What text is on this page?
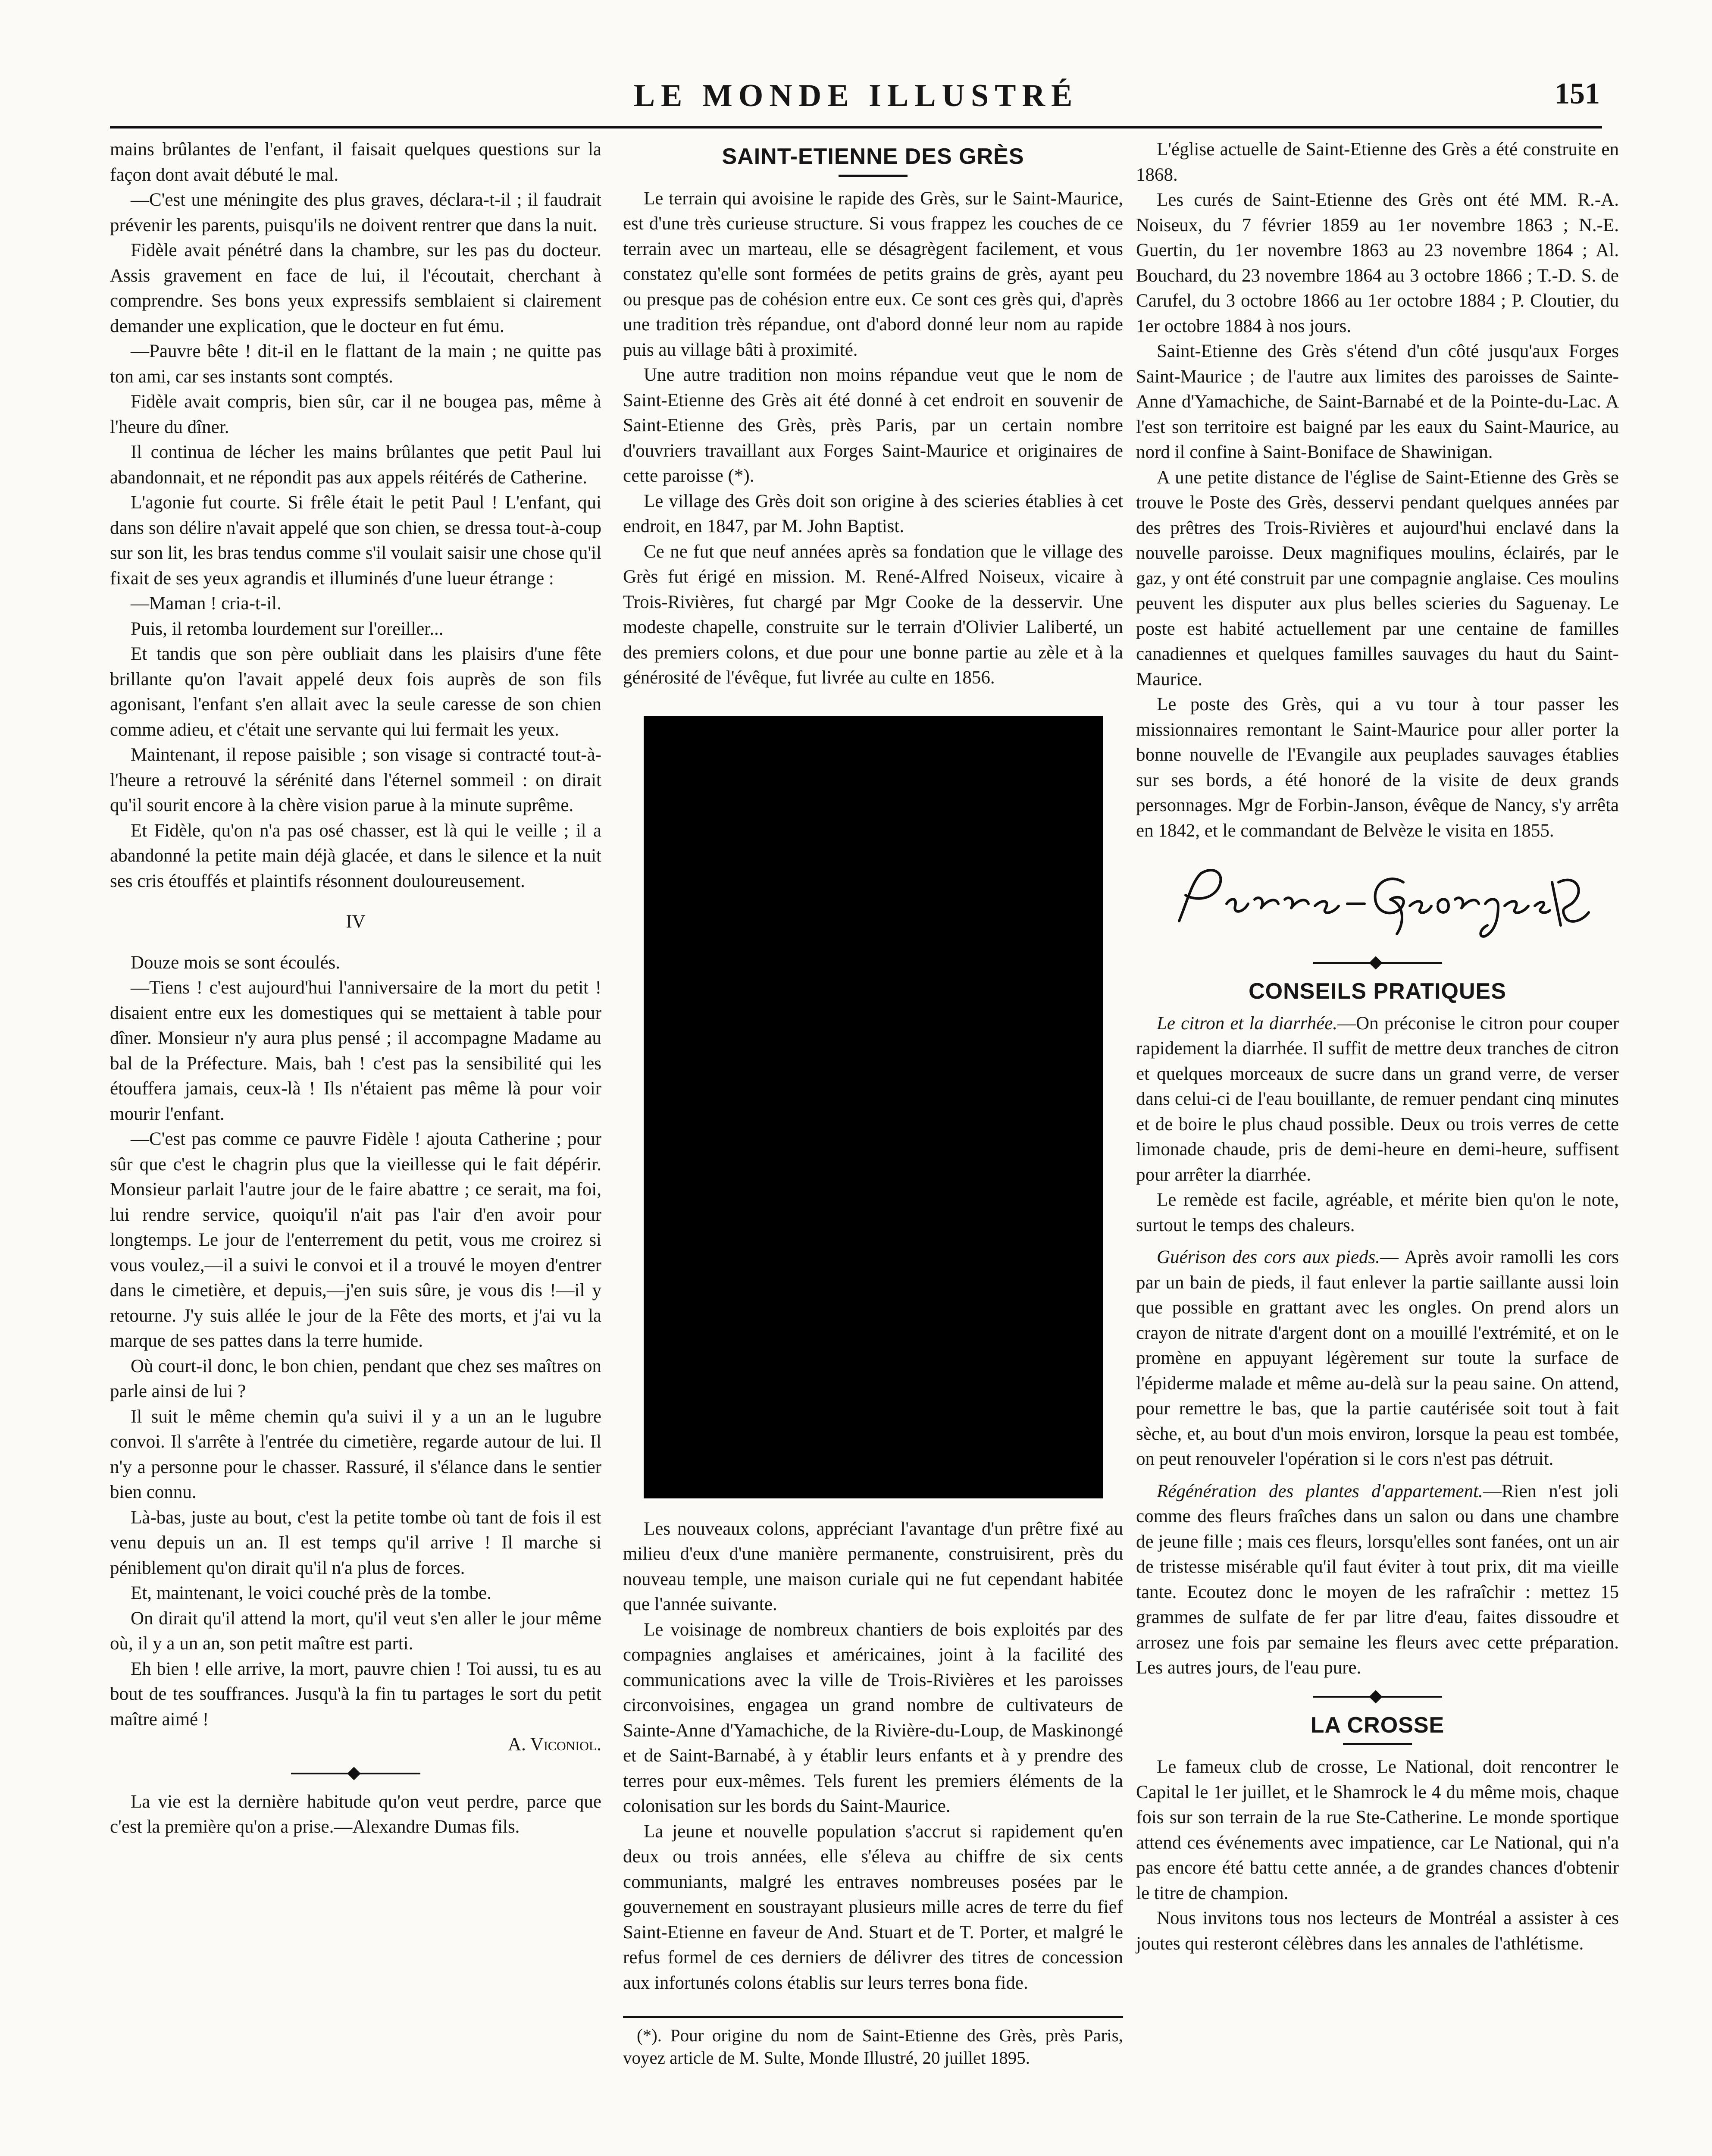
LE MONDE ILLUSTRÉ	151

mains brûlantes de l'enfant, il faisait quelques questions sur la façon dont avait débuté le mal.

—C'est une méningite des plus graves, déclara-t-il ; il faudrait prévenir les parents, puisqu'ils ne doivent rentrer que dans la nuit.

Fidèle avait pénétré dans la chambre, sur les pas du docteur. Assis gravement en face de lui, il l'écoutait, cherchant à comprendre. Ses bons yeux expressifs semblaient si clairement demander une explication, que le docteur en fut ému.

—Pauvre bête ! dit-il en le flattant de la main ; ne quitte pas ton ami, car ses instants sont comptés.

Fidèle avait compris, bien sûr, car il ne bougea pas, même à l'heure du dîner.

Il continua de lécher les mains brûlantes que petit Paul lui abandonnait, et ne répondit pas aux appels réitérés de Catherine.

L'agonie fut courte. Si frêle était le petit Paul ! L'enfant, qui dans son délire n'avait appelé que son chien, se dressa tout-à-coup sur son lit, les bras tendus comme s'il voulait saisir une chose qu'il fixait de ses yeux agrandis et illuminés d'une lueur étrange :

—Maman ! cria-t-il.

Puis, il retomba lourdement sur l'oreiller...

Et tandis que son père oubliait dans les plaisirs d'une fête brillante qu'on l'avait appelé deux fois auprès de son fils agonisant, l'enfant s'en allait avec la seule caresse de son chien comme adieu, et c'était une servante qui lui fermait les yeux.

Maintenant, il repose paisible ; son visage si contracté tout-à-l'heure a retrouvé la sérénité dans l'éternel sommeil : on dirait qu'il sourit encore à la chère vision parue à la minute suprême.

Et Fidèle, qu'on n'a pas osé chasser, est là qui le veille ; il a abandonné la petite main déjà glacée, et dans le silence et la nuit ses cris étouffés et plaintifs résonnent douloureusement.

IV

Douze mois se sont écoulés.

—Tiens ! c'est aujourd'hui l'anniversaire de la mort du petit ! disaient entre eux les domestiques qui se mettaient à table pour dîner. Monsieur n'y aura plus pensé ; il accompagne Madame au bal de la Préfecture. Mais, bah ! c'est pas la sensibilité qui les étouffera jamais, ceux-là ! Ils n'étaient pas même là pour voir mourir l'enfant.

—C'est pas comme ce pauvre Fidèle ! ajouta Catherine ; pour sûr que c'est le chagrin plus que la vieillesse qui le fait dépérir. Monsieur parlait l'autre jour de le faire abattre ; ce serait, ma foi, lui rendre service, quoiqu'il n'ait pas l'air d'en avoir pour longtemps. Le jour de l'enterrement du petit, vous me croirez si vous voulez,—il a suivi le convoi et il a trouvé le moyen d'entrer dans le cimetière, et depuis,—j'en suis sûre, je vous dis !—il y retourne. J'y suis allée le jour de la Fête des morts, et j'ai vu la marque de ses pattes dans la terre humide.

Où court-il donc, le bon chien, pendant que chez ses maîtres on parle ainsi de lui ?

Il suit le même chemin qu'a suivi il y a un an le lugubre convoi. Il s'arrête à l'entrée du cimetière, regarde autour de lui. Il n'y a personne pour le chasser. Rassuré, il s'élance dans le sentier bien connu.

Là-bas, juste au bout, c'est la petite tombe où tant de fois il est venu depuis un an. Il est temps qu'il arrive ! Il marche si péniblement qu'on dirait qu'il n'a plus de forces.

Et, maintenant, le voici couché près de la tombe.

On dirait qu'il attend la mort, qu'il veut s'en aller le jour même où, il y a un an, son petit maître est parti.

Eh bien ! elle arrive, la mort, pauvre chien ! Toi aussi, tu es au bout de tes souffrances. Jusqu'à la fin tu partages le sort du petit maître aimé !

A. Viconiol.

La vie est la dernière habitude qu'on veut perdre, parce que c'est la première qu'on a prise.—Alexandre Dumas fils.

SAINT-ETIENNE DES GRÈS

Le terrain qui avoisine le rapide des Grès, sur le Saint-Maurice, est d'une très curieuse structure. Si vous frappez les couches de ce terrain avec un marteau, elle se désagrègent facilement, et vous constatez qu'elle sont formées de petits grains de grès, ayant peu ou presque pas de cohésion entre eux. Ce sont ces grès qui, d'après une tradition très répandue, ont d'abord donné leur nom au rapide puis au village bâti à proximité.

Une autre tradition non moins répandue veut que le nom de Saint-Etienne des Grès ait été donné à cet endroit en souvenir de Saint-Etienne des Grès, près Paris, par un certain nombre d'ouvriers travaillant aux Forges Saint-Maurice et originaires de cette paroisse (*).

Le village des Grès doit son origine à des scieries établies à cet endroit, en 1847, par M. John Baptist.

Ce ne fut que neuf années après sa fondation que le village des Grès fut érigé en mission. M. René-Alfred Noiseux, vicaire à Trois-Rivières, fut chargé par Mgr Cooke de la desservir. Une modeste chapelle, construite sur le terrain d'Olivier Laliberté, un des premiers colons, et due pour une bonne partie au zèle et à la générosité de l'évêque, fut livrée au culte en 1856.

Les nouveaux colons, appréciant l'avantage d'un prêtre fixé au milieu d'eux d'une manière permanente, construisirent, près du nouveau temple, une maison curiale qui ne fut cependant habitée que l'année suivante.

Le voisinage de nombreux chantiers de bois exploités par des compagnies anglaises et américaines, joint à la facilité des communications avec la ville de Trois-Rivières et les paroisses circonvoisines, engagea un grand nombre de cultivateurs de Sainte-Anne d'Yamachiche, de la Rivière-du-Loup, de Maskinongé et de Saint-Barnabé, à y établir leurs enfants et à y prendre des terres pour eux-mêmes. Tels furent les premiers éléments de la colonisation sur les bords du Saint-Maurice.

La jeune et nouvelle population s'accrut si rapidement qu'en deux ou trois années, elle s'éleva au chiffre de six cents communiants, malgré les entraves nombreuses posées par le gouvernement en soustrayant plusieurs mille acres de terre du fief Saint-Etienne en faveur de And. Stuart et de T. Porter, et malgré le refus formel de ces derniers de délivrer des titres de concession aux infortunés colons établis sur leurs terres bona fide.

(*). Pour origine du nom de Saint-Etienne des Grès, près Paris, voyez article de M. Sulte, Monde Illustré, 20 juillet 1895.

L'église actuelle de Saint-Etienne des Grès a été construite en 1868.

Les curés de Saint-Etienne des Grès ont été MM. R.-A. Noiseux, du 7 février 1859 au 1er novembre 1863 ; N.-E. Guertin, du 1er novembre 1863 au 23 novembre 1864 ; Al. Bouchard, du 23 novembre 1864 au 3 octobre 1866 ; T.-D. S. de Carufel, du 3 octobre 1866 au 1er octobre 1884 ; P. Cloutier, du 1er octobre 1884 à nos jours.

Saint-Etienne des Grès s'étend d'un côté jusqu'aux Forges Saint-Maurice ; de l'autre aux limites des paroisses de Sainte-Anne d'Yamachiche, de Saint-Barnabé et de la Pointe-du-Lac. A l'est son territoire est baigné par les eaux du Saint-Maurice, au nord il confine à Saint-Boniface de Shawinigan.

A une petite distance de l'église de Saint-Etienne des Grès se trouve le Poste des Grès, desservi pendant quelques années par des prêtres des Trois-Rivières et aujourd'hui enclavé dans la nouvelle paroisse. Deux magnifiques moulins, éclairés, par le gaz, y ont été construit par une compagnie anglaise. Ces moulins peuvent les disputer aux plus belles scieries du Saguenay. Le poste est habité actuellement par une centaine de familles canadiennes et quelques familles sauvages du haut du Saint-Maurice.

Le poste des Grès, qui a vu tour à tour passer les missionnaires remontant le Saint-Maurice pour aller porter la bonne nouvelle de l'Evangile aux peuplades sauvages établies sur ses bords, a été honoré de la visite de deux grands personnages. Mgr de Forbin-Janson, évêque de Nancy, s'y arrêta en 1842, et le commandant de Belvèze le visita en 1855.

CONSEILS PRATIQUES

Le citron et la diarrhée.—On préconise le citron pour couper rapidement la diarrhée. Il suffit de mettre deux tranches de citron et quelques morceaux de sucre dans un grand verre, de verser dans celui-ci de l'eau bouillante, de remuer pendant cinq minutes et de boire le plus chaud possible. Deux ou trois verres de cette limonade chaude, pris de demi-heure en demi-heure, suffisent pour arrêter la diarrhée.

Le remède est facile, agréable, et mérite bien qu'on le note, surtout le temps des chaleurs.

Guérison des cors aux pieds.— Après avoir ramolli les cors par un bain de pieds, il faut enlever la partie saillante aussi loin que possible en grattant avec les ongles. On prend alors un crayon de nitrate d'argent dont on a mouillé l'extrémité, et on le promène en appuyant légèrement sur toute la surface de l'épiderme malade et même au-delà sur la peau saine. On attend, pour remettre le bas, que la partie cautérisée soit tout à fait sèche, et, au bout d'un mois environ, lorsque la peau est tombée, on peut renouveler l'opération si le cors n'est pas détruit.

Régénération des plantes d'appartement.—Rien n'est joli comme des fleurs fraîches dans un salon ou dans une chambre de jeune fille ; mais ces fleurs, lorsqu'elles sont fanées, ont un air de tristesse misérable qu'il faut éviter à tout prix, dit ma vieille tante. Ecoutez donc le moyen de les rafraîchir : mettez 15 grammes de sulfate de fer par litre d'eau, faites dissoudre et arrosez une fois par semaine les fleurs avec cette préparation. Les autres jours, de l'eau pure.

LA CROSSE

Le fameux club de crosse, Le National, doit rencontrer le Capital le 1er juillet, et le Shamrock le 4 du même mois, chaque fois sur son terrain de la rue Ste-Catherine. Le monde sportique attend ces événements avec impatience, car Le National, qui n'a pas encore été battu cette année, a de grandes chances d'obtenir le titre de champion.

Nous invitons tous nos lecteurs de Montréal a assister à ces joutes qui resteront célèbres dans les annales de l'athlétisme.
